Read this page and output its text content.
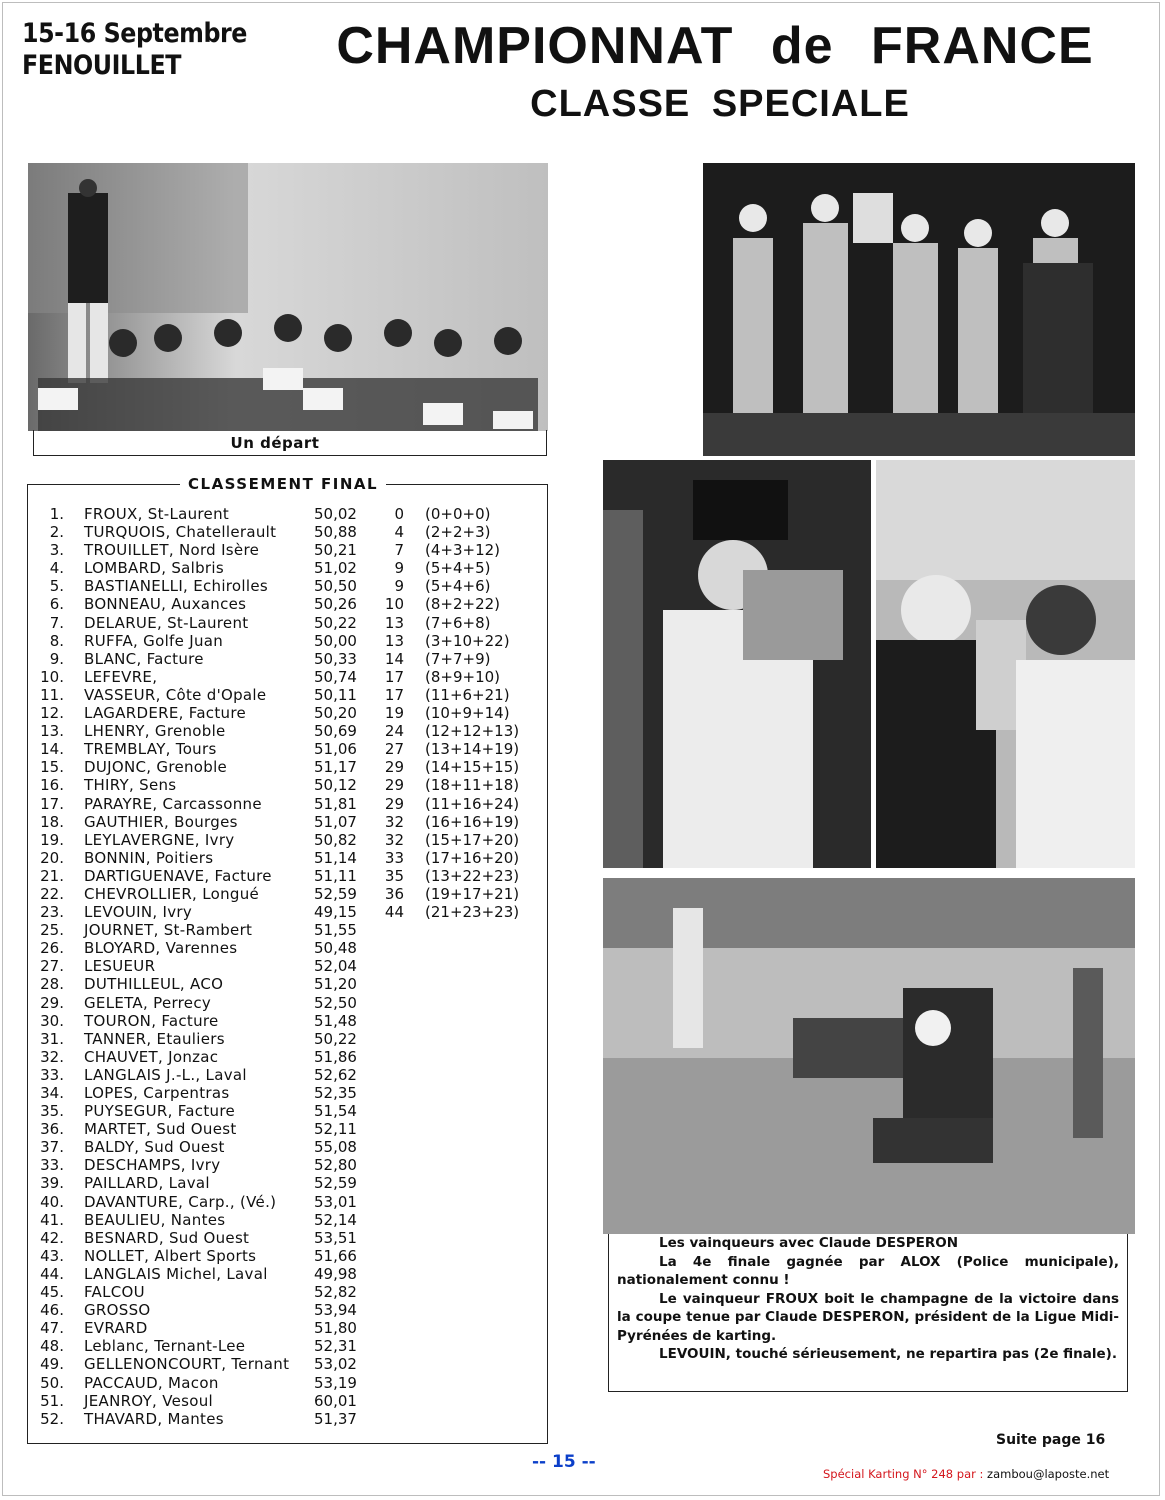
15-16 Septembre
FENOUILLET	CHAMPIONNAT de FRANCE
CLASSE SPECIALE
Un départ
CLASSEMENT FINAL
1. FROUX, St-Laurent	50,02	0 (0+0+0)
2. TURQUOIS, Chatellerault	50,88	4 (2+2+3)
3. TROUILLET, Nord Isère	50,21	7 (4+3+12)
4. LOMBARD, Salbris	51,02	9 (5+4+5)
5. BASTIANELLI, Echirolles	50,50	9 (5+4+6)
6. BONNEAU, Auxances	50,26 10 (8+2+22)
7. DELARUE, St-Laurent	50,22 13 (7+6+8)
8. RUFFA, Golfe Juan	50,00 13 (3+10+22)
9. BLANC, Facture	50,33 14 (7+7+9)
10. LEFEVRE,	50,74 17 (8+9+10)
11. VASSEUR, Côte d'Opale	50,11 17 (11+6+21)
12. LAGARDERE, Facture	50,20 19 (10+9+14)
13. LHENRY, Grenoble	50,69 24 (12+12+13)
14. TREMBLAY, Tours	51,06 27 (13+14+19)
15. DUJONC, Grenoble	51,17 29 (14+15+15)
16. THIRY, Sens	50,12 29 (18+11+18)
17. PARAYRE, Carcassonne	51,81 29 (11+16+24)
18. GAUTHIER, Bourges	51,07 32 (16+16+19)
19. LEYLAVERGNE, Ivry	50,82 32 (15+17+20)
20. BONNIN, Poitiers	51,14 33 (17+16+20)
21. DARTIGUENAVE, Facture	51,11 35 (13+22+23)
22. CHEVROLLIER, Longué	52,59 36 (19+17+21)
23. LEVOUIN, Ivry	49,15 44 (21+23+23)
25. JOURNET, St-Rambert	51,55
26. BLOYARD, Varennes	50,48
27. LESUEUR	52,04
28. DUTHILLEUL, ACO	51,20
29. GELETA, Perrecy	52,50
30. TOURON, Facture	51,48
31. TANNER, Etauliers	50,22
32. CHAUVET, Jonzac	51,86
33. LANGLAIS J.-L., Laval	52,62
34. LOPES, Carpentras	52,35
35. PUYSEGUR, Facture	51,54
36. MARTET, Sud Ouest	52,11
37. BALDY, Sud Ouest	55,08
33. DESCHAMPS, Ivry	52,80
39. PAILLARD, Laval	52,59
40. DAVANTURE, Carp., (Vé.)	53,01
41. BEAULIEU, Nantes	52,14
42. BESNARD, Sud Ouest	53,51
43. NOLLET, Albert Sports	51,66
44. LANGLAIS Michel, Laval	49,98
45. FALCOU	52,82
46. GROSSO	53,94
47. EVRARD	51,80
48. Leblanc, Ternant-Lee	52,31
49. GELLENONCOURT, Ternant 53,02
50. PACCAUD, Macon	53,19
51. JEANROY, Vesoul	60,01
52. THAVARD, Mantes	51,37

Les vainqueurs avec Claude DESPERON

La 4e finale gagnée par ALOX (Police municipale), nationalement connu !

Le vainqueur FROUX boit le champagne de la victoire dans la coupe tenue par Claude DESPERON, président de la Ligue Midi-Pyrénées de karting.

LEVOUIN, touché sérieusement, ne repartira pas (2e finale).

Suite page 16
-- 15 --
Spécial Karting N° 248 par : zambou@laposte.net
